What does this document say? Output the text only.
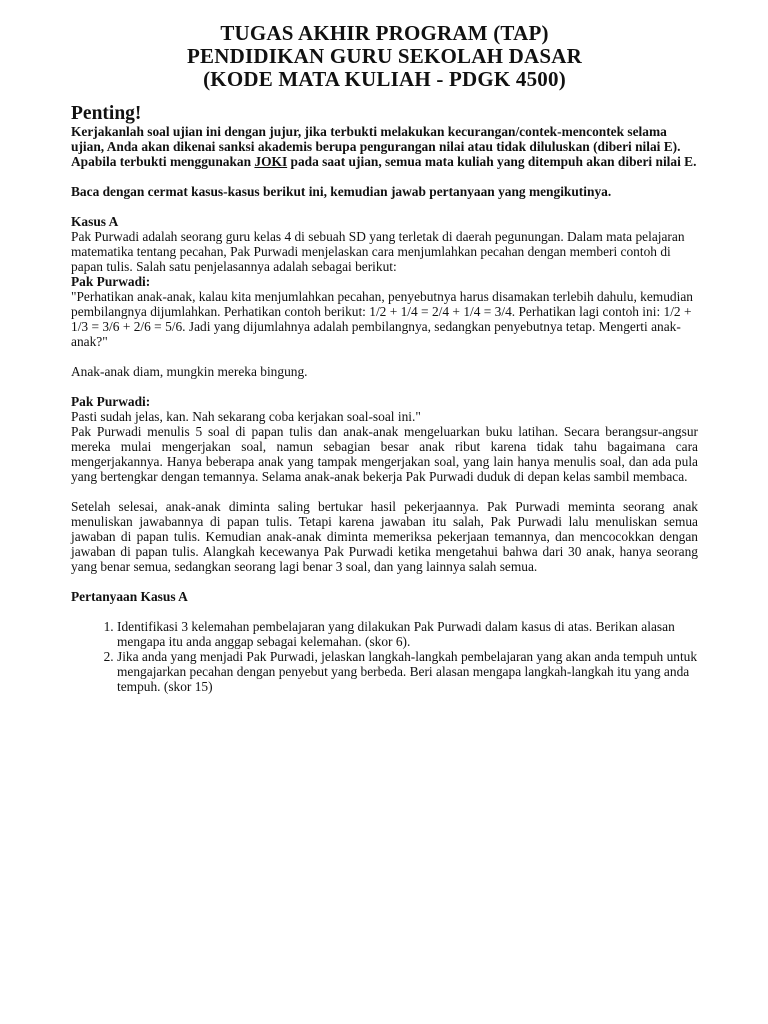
TUGAS AKHIR PROGRAM (TAP)
PENDIDIKAN GURU SEKOLAH DASAR
(KODE MATA KULIAH - PDGK 4500)
Penting!

Kerjakanlah soal ujian ini dengan jujur, jika terbukti melakukan kecurangan/contek-mencontek selama ujian, Anda akan dikenai sanksi akademis berupa pengurangan nilai atau tidak diluluskan (diberi nilai E).

Apabila terbukti menggunakan JOKI pada saat ujian, semua mata kuliah yang ditempuh akan diberi nilai E.

Baca dengan cermat kasus-kasus berikut ini, kemudian jawab pertanyaan yang mengikutinya.

Kasus A

Pak Purwadi adalah seorang guru kelas 4 di sebuah SD yang terletak di daerah pegunungan. Dalam mata pelajaran matematika tentang pecahan, Pak Purwadi menjelaskan cara menjumlahkan pecahan dengan memberi contoh di papan tulis. Salah satu penjelasannya adalah sebagai berikut:

Pak Purwadi:

"Perhatikan anak-anak, kalau kita menjumlahkan pecahan, penyebutnya harus disamakan terlebih dahulu, kemudian pembilangnya dijumlahkan. Perhatikan contoh berikut: 1/2 + 1/4 = 2/4 + 1/4 = 3/4. Perhatikan lagi contoh ini: 1/2 + 1/3 = 3/6 + 2/6 = 5/6. Jadi yang dijumlahnya adalah pembilangnya, sedangkan penyebutnya tetap. Mengerti anak-anak?"

Anak-anak diam, mungkin mereka bingung.

Pak Purwadi:

Pasti sudah jelas, kan. Nah sekarang coba kerjakan soal-soal ini."

Pak Purwadi menulis 5 soal di papan tulis dan anak-anak mengeluarkan buku latihan. Secara berangsur-angsur mereka mulai mengerjakan soal, namun sebagian besar anak ribut karena tidak tahu bagaimana cara mengerjakannya. Hanya beberapa anak yang tampak mengerjakan soal, yang lain hanya menulis soal, dan ada pula yang bertengkar dengan temannya. Selama anak-anak bekerja Pak Purwadi duduk di depan kelas sambil membaca.

Setelah selesai, anak-anak diminta saling bertukar hasil pekerjaannya. Pak Purwadi meminta seorang anak menuliskan jawabannya di papan tulis. Tetapi karena jawaban itu salah, Pak Purwadi lalu menuliskan semua jawaban di papan tulis. Kemudian anak-anak diminta memeriksa pekerjaan temannya, dan mencocokkan dengan jawaban di papan tulis. Alangkah kecewanya Pak Purwadi ketika mengetahui bahwa dari 30 anak, hanya seorang yang benar semua, sedangkan seorang lagi benar 3 soal, dan yang lainnya salah semua.

Pertanyaan Kasus A

1. Identifikasi 3 kelemahan pembelajaran yang dilakukan Pak Purwadi dalam kasus di atas. Berikan alasan mengapa itu anda anggap sebagai kelemahan. (skor 6).
2. Jika anda yang menjadi Pak Purwadi, jelaskan langkah-langkah pembelajaran yang akan anda tempuh untuk mengajarkan pecahan dengan penyebut yang berbeda. Beri alasan mengapa langkah-langkah itu yang anda tempuh. (skor 15)
